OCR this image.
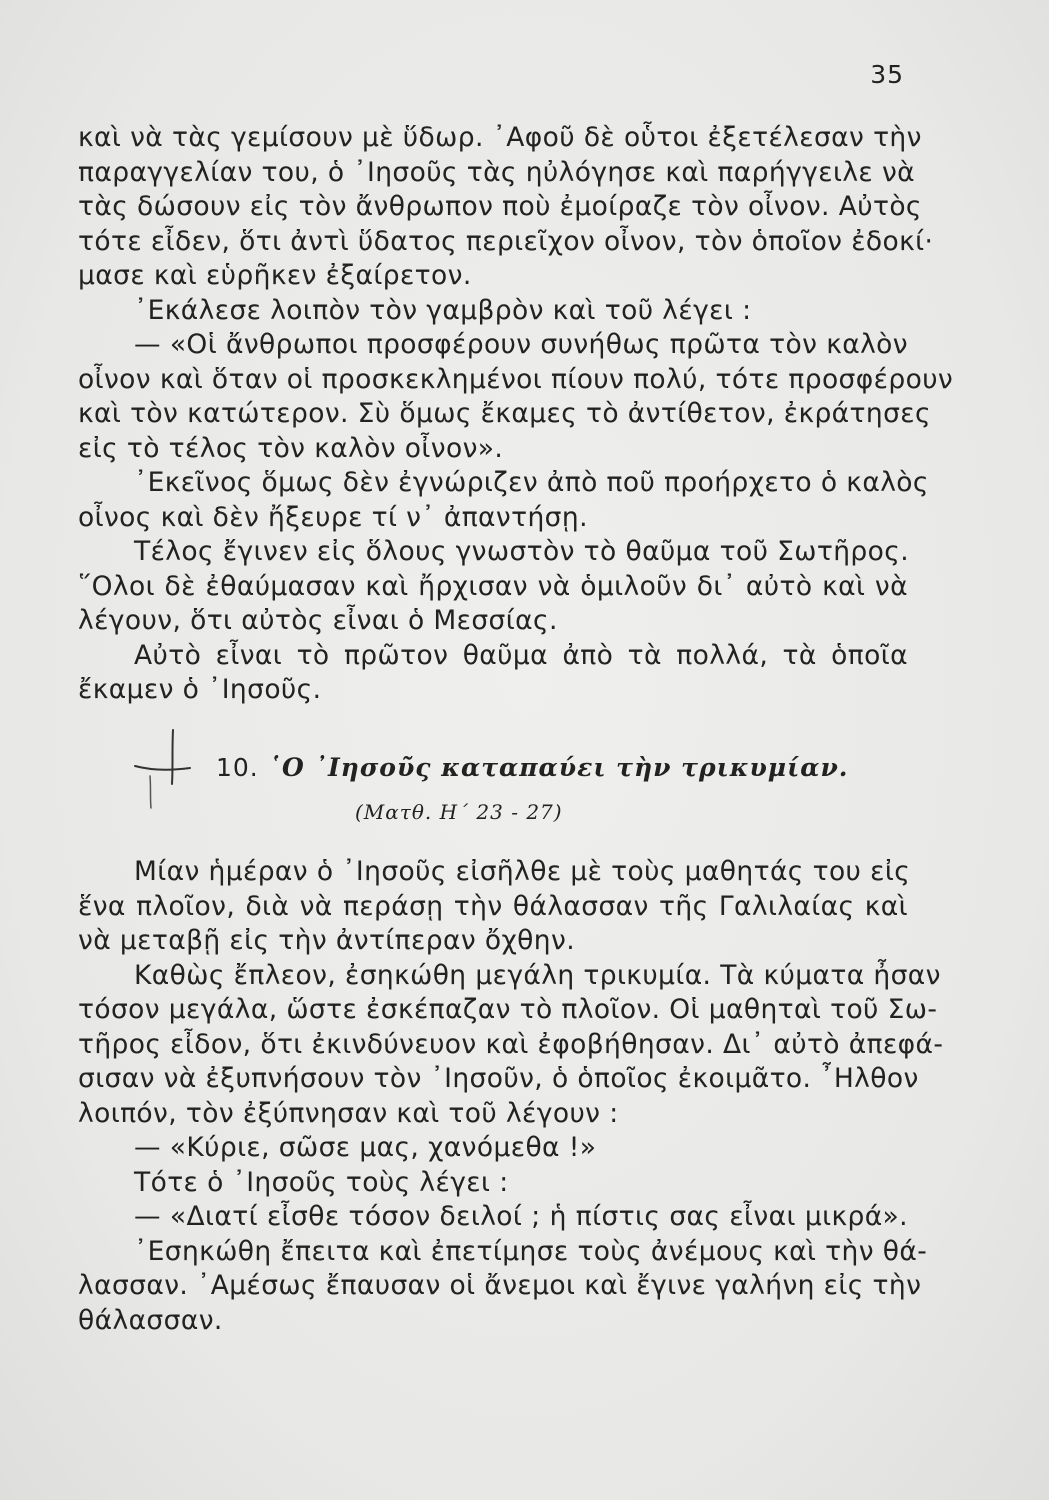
35
καὶ νὰ τὰς γεμίσουν μὲ ὕδωρ. ᾿Αφοῦ δὲ οὗτοι ἐξετέλεσαν τὴν
παραγγελίαν του, ὁ ᾿Ιησοῦς τὰς ηὐλόγησε καὶ παρήγγειλε νὰ
τὰς δώσουν εἰς τὸν ἄνθρωπον ποὺ ἐμοίραζε τὸν οἶνον. Αὐτὸς
τότε εἶδεν, ὅτι ἀντὶ ὕδατος περιεῖχον οἶνον, τὸν ὁποῖον ἐδοκί·
μασε καὶ εὑρῆκεν ἐξαίρετον.
᾿Εκάλεσε λοιπὸν τὸν γαμβρὸν καὶ τοῦ λέγει :
— «Οἱ ἄνθρωποι προσφέρουν συνήθως πρῶτα τὸν καλὸν
οἶνον καὶ ὅταν οἱ προσκεκλημένοι πίουν πολύ, τότε προσφέρουν
καὶ τὸν κατώτερον. Σὺ ὅμως ἔκαμες τὸ ἀντίθετον, ἐκράτησες
εἰς τὸ τέλος τὸν καλὸν οἶνον».
᾿Εκεῖνος ὅμως δὲν ἐγνώριζεν ἀπὸ ποῦ προήρχετο ὁ καλὸς
οἶνος καὶ δὲν ἤξευρε τί ν᾿ ἀπαντήσῃ.
Τέλος ἔγινεν εἰς ὅλους γνωστὸν τὸ θαῦμα τοῦ Σωτῆρος.
῞Ολοι δὲ ἐθαύμασαν καὶ ἤρχισαν νὰ ὁμιλοῦν δι᾿ αὐτὸ καὶ νὰ
λέγουν, ὅτι αὐτὸς εἶναι ὁ Μεσσίας.
Αὐτὸ εἶναι τὸ πρῶτον θαῦμα ἀπὸ τὰ πολλά, τὰ ὁποῖα
ἔκαμεν ὁ ᾿Ιησοῦς.
10. ῾Ο ᾿Ιησοῦς καταπαύει τὴν τρικυμίαν.
(Ματθ. Η΄ 23 - 27)
Μίαν ἡμέραν ὁ ᾿Ιησοῦς εἰσῆλθε μὲ τοὺς μαθητάς του εἰς
ἕνα πλοῖον, διὰ νὰ περάσῃ τὴν θάλασσαν τῆς Γαλιλαίας καὶ
νὰ μεταβῇ εἰς τὴν ἀντίπεραν ὄχθην.
Καθὼς ἔπλεον, ἐσηκώθη μεγάλη τρικυμία. Τὰ κύματα ἦσαν
τόσον μεγάλα, ὥστε ἐσκέπαζαν τὸ πλοῖον. Οἱ μαθηταὶ τοῦ Σω-
τῆρος εἶδον, ὅτι ἐκινδύνευον καὶ ἐφοβήθησαν. Δι᾿ αὐτὸ ἀπεφά-
σισαν νὰ ἐξυπνήσουν τὸν ᾿Ιησοῦν, ὁ ὁποῖος ἐκοιμᾶτο. ῏Ηλθον
λοιπόν, τὸν ἐξύπνησαν καὶ τοῦ λέγουν :
— «Κύριε, σῶσε μας, χανόμεθα !»
Τότε ὁ ᾿Ιησοῦς τοὺς λέγει :
— «Διατί εἶσθε τόσον δειλοί ; ἡ πίστις σας εἶναι μικρά».
᾿Εσηκώθη ἔπειτα καὶ ἐπετίμησε τοὺς ἀνέμους καὶ τὴν θά-
λασσαν. ᾿Αμέσως ἔπαυσαν οἱ ἄνεμοι καὶ ἔγινε γαλήνη εἰς τὴν
θάλασσαν.
